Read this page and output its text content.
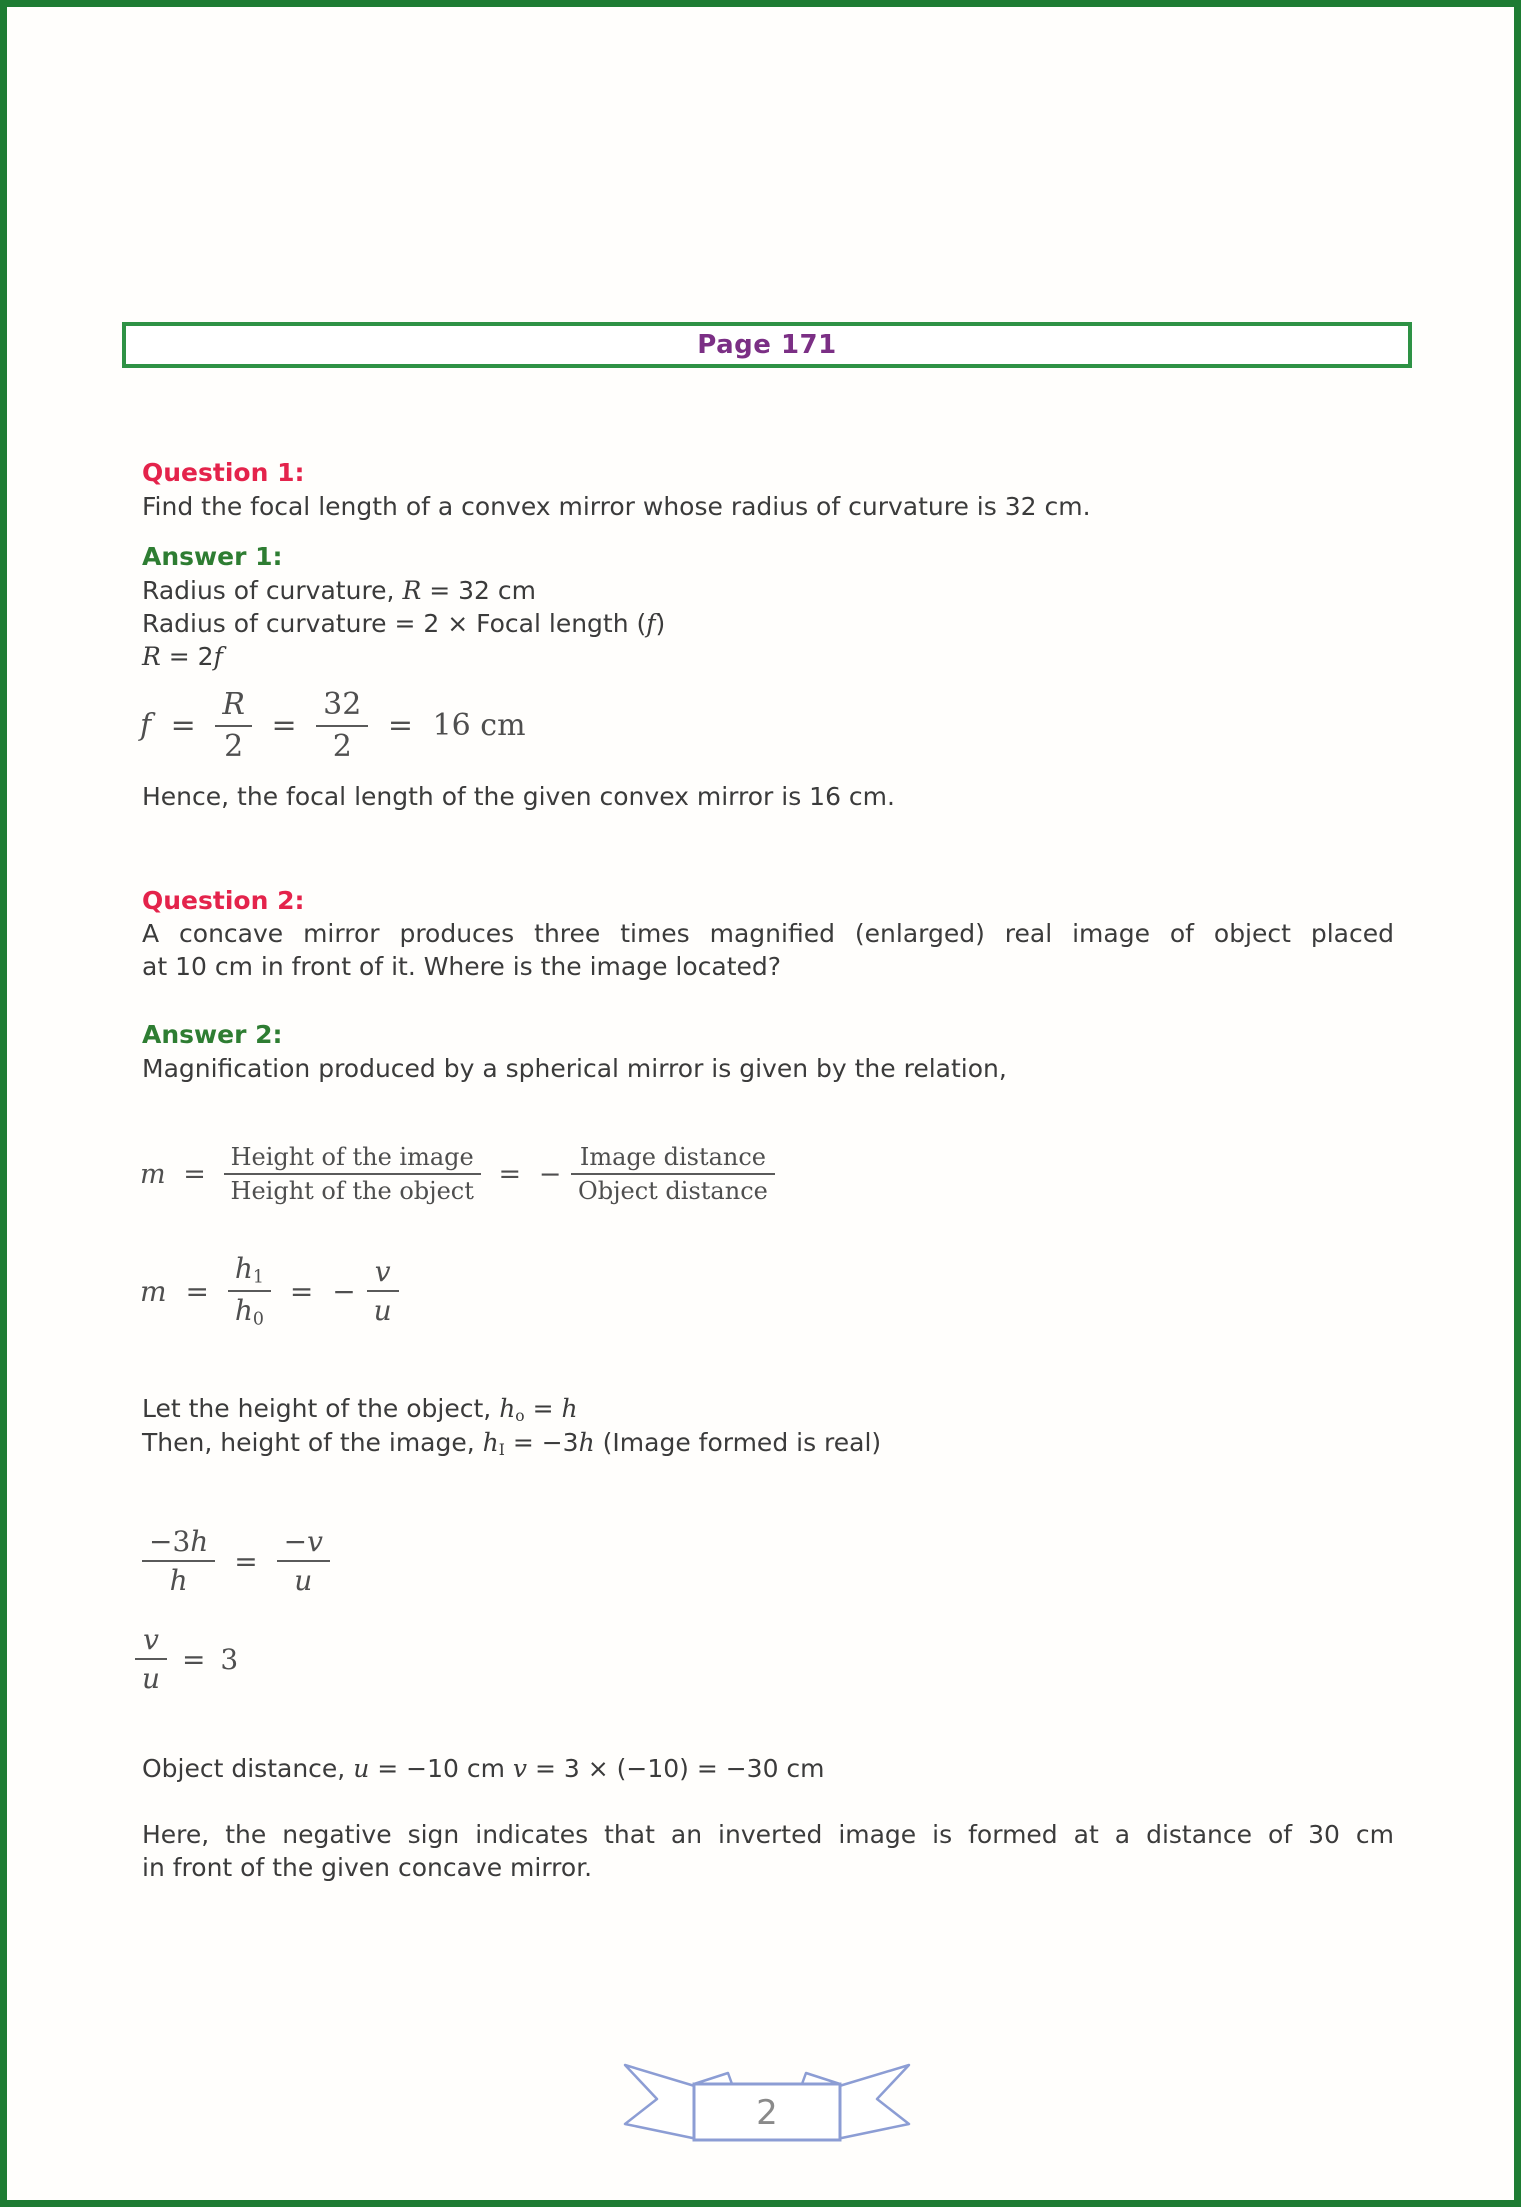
Page 171
Question 1:
Find the focal length of a convex mirror whose radius of curvature is 32 cm.
Answer 1:
Radius of curvature, R = 32 cm
Radius of curvature = 2 × Focal length (f)
R = 2f
$f = \frac{R}{2} = \frac{32}{2} = 16$ cm
Hence, the focal length of the given convex mirror is 16 cm.
Question 2:
A concave mirror produces three times magnified (enlarged) real image of object placed
at 10 cm in front of it. Where is the image located?
Answer 2:
Magnification produced by a spherical mirror is given by the relation,
$m = \frac{\text{Height of the image}}{\text{Height of the object}}$ = − $\frac{\text{Image distance}}{\text{Object distance}}$
$m = \frac{h_1}{h_0}$ = − $\frac{v}{u}$
Let the height of the object, $h_o = h$
Then, height of the image, $h_I = -3h$ (Image formed is real)
$\frac{-3h}{h} = \frac{-v}{u}$
$\frac{v}{u} = 3$
Object distance, u = −10 cm v = 3 × (−10) = −30 cm
Here, the negative sign indicates that an inverted image is formed at a distance of 30 cm
in front of the given concave mirror.
2
